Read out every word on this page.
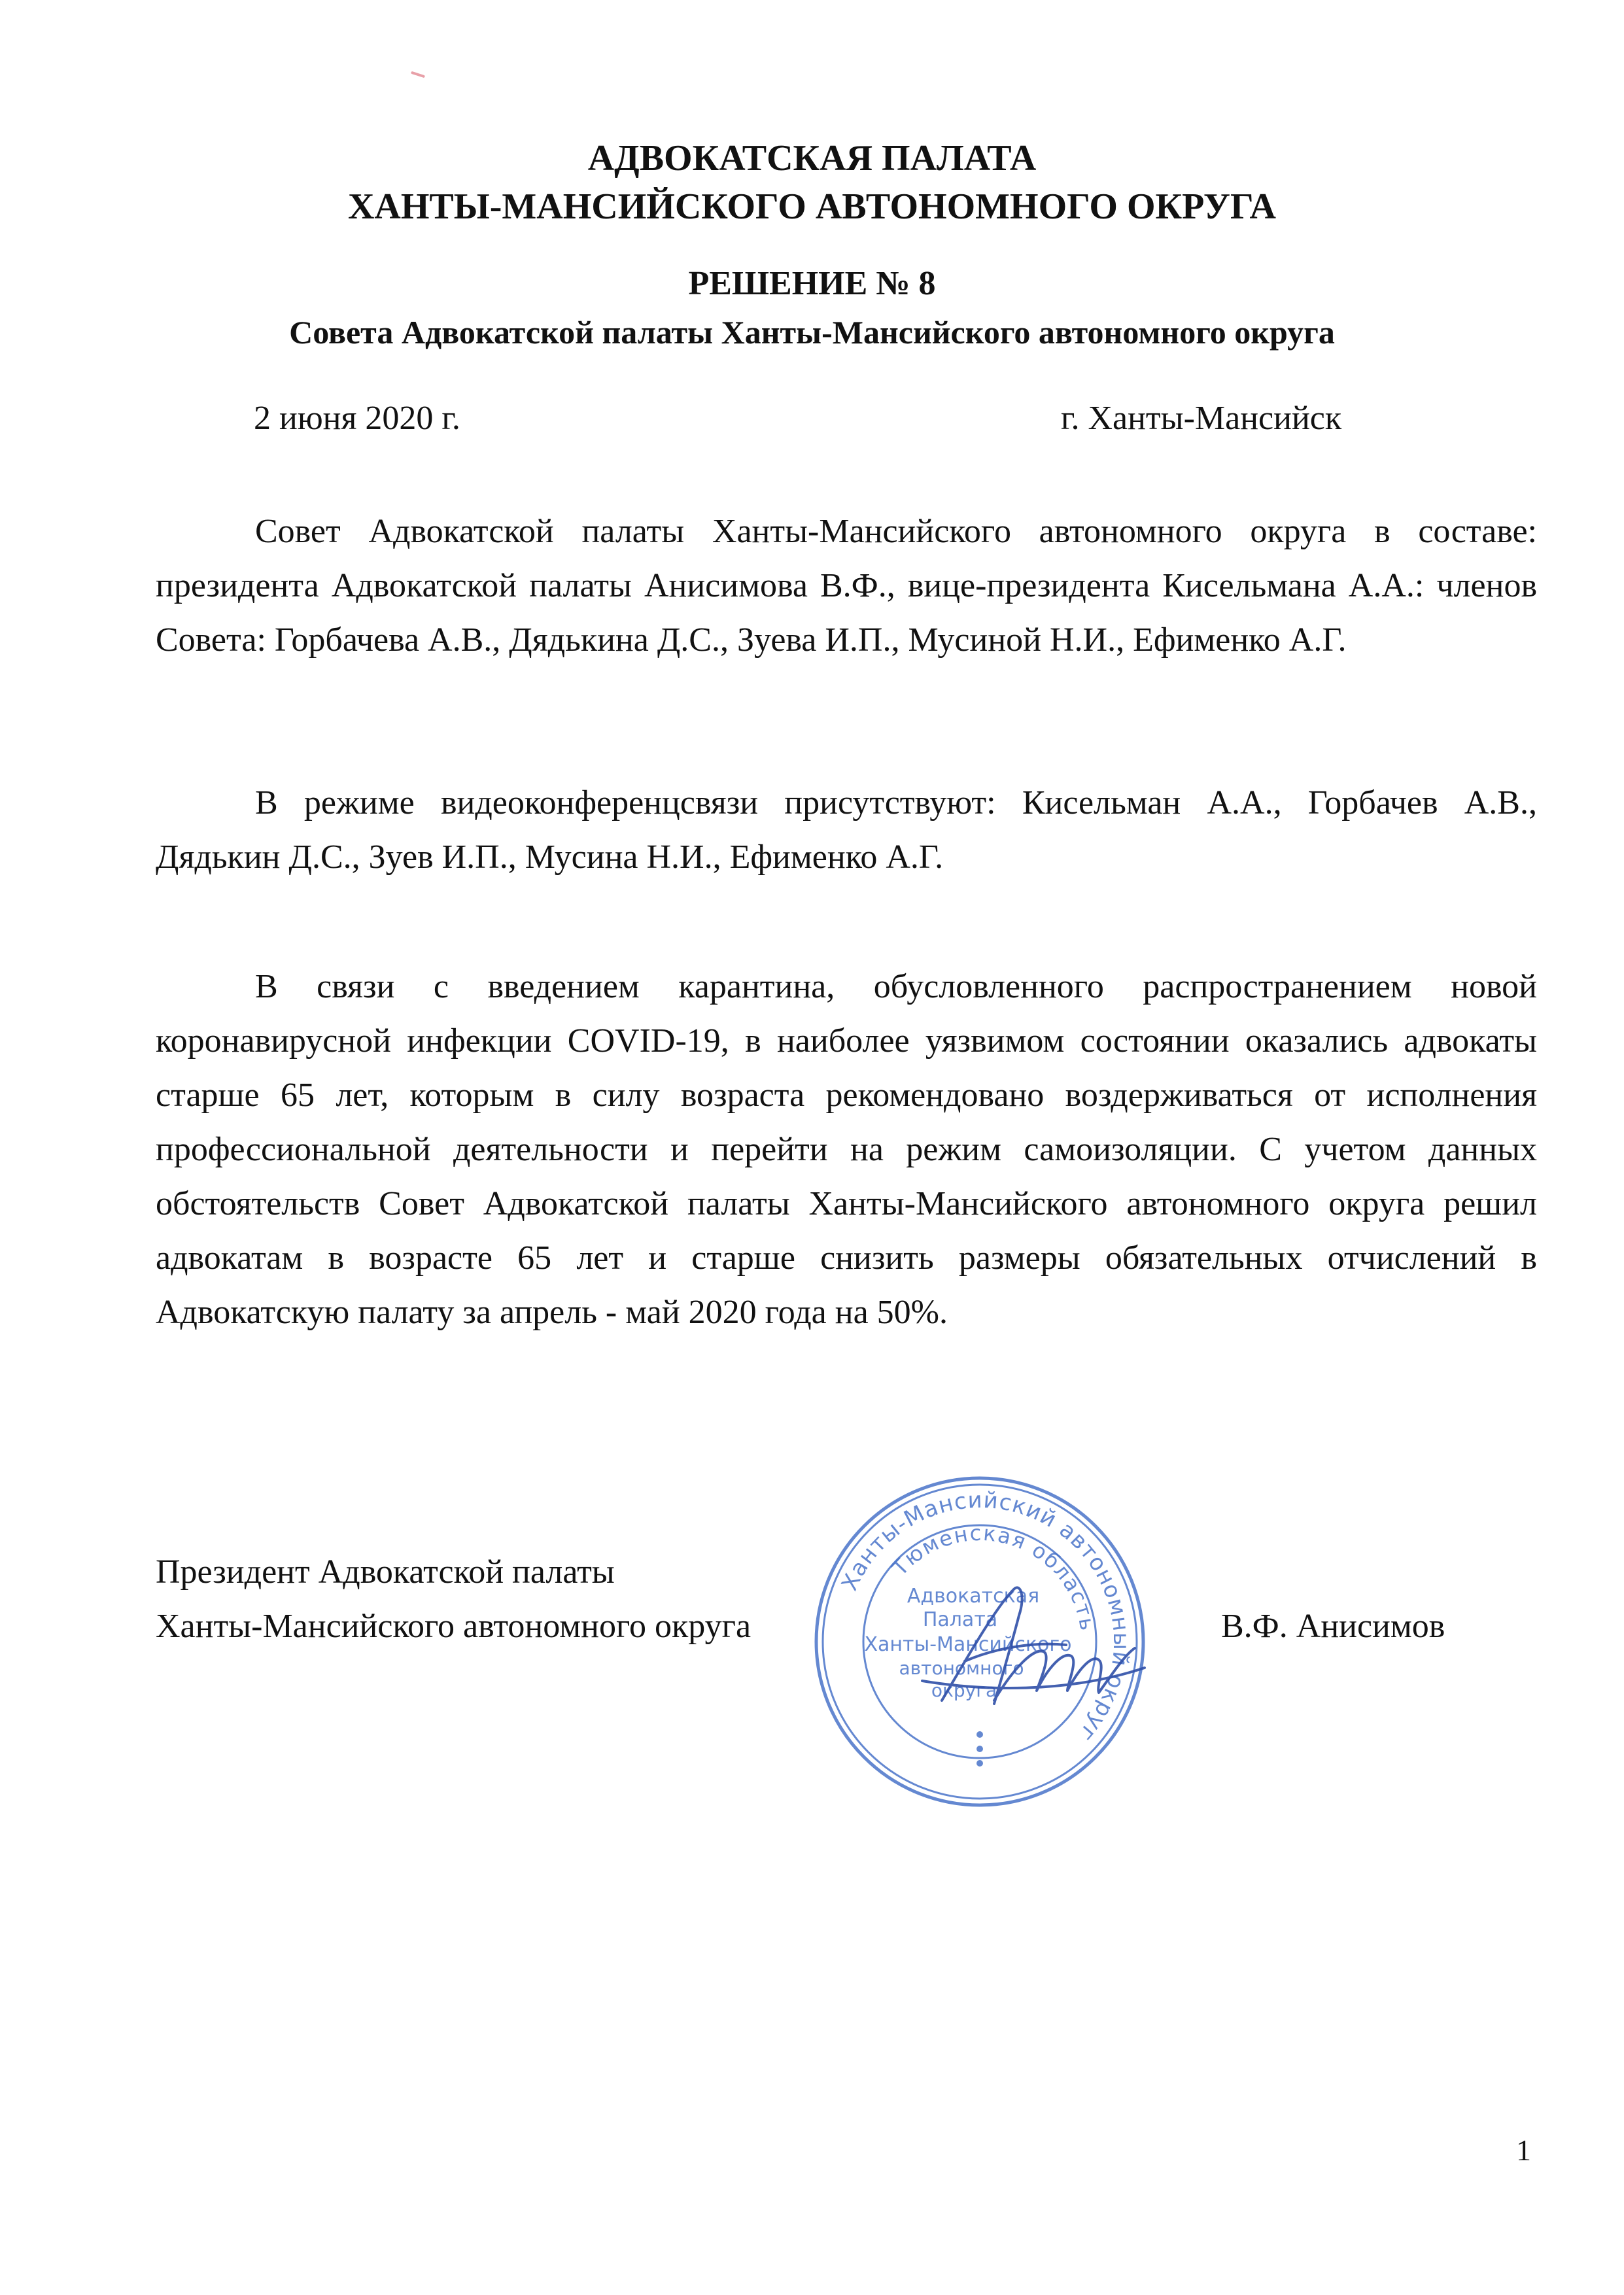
АДВОКАТСКАЯ ПАЛАТА
ХАНТЫ-МАНСИЙСКОГО АВТОНОМНОГО ОКРУГА
РЕШЕНИЕ № 8
Совета Адвокатской палаты Ханты-Мансийского автономного округа
2 июня 2020 г.	г. Ханты-Мансийск

Совет Адвокатской палаты Ханты-Мансийского автономного округа в составе: президента Адвокатской палаты Анисимова В.Ф., вице-президента Кисельмана А.А.: членов Совета: Горбачева А.В., Дядькина Д.С., Зуева И.П., Мусиной Н.И., Ефименко А.Г.

В режиме видеоконференцсвязи присутствуют: Кисельман А.А., Горбачев А.В., Дядькин Д.С., Зуев И.П., Мусина Н.И., Ефименко А.Г.

В связи с введением карантина, обусловленного распространением новой коронавирусной инфекции COVID-19, в наиболее уязвимом состоянии оказались адвокаты старше 65 лет, которым в силу возраста рекомендовано воздерживаться от исполнения профессиональной деятельности и перейти на режим самоизоляции. С учетом данных обстоятельств Совет Адвокатской палаты Ханты-Мансийского автономного округа решил адвокатам в возрасте 65 лет и старше снизить размеры обязательных отчислений в Адвокатскую палату за апрель - май 2020 года на 50%.

Президент Адвокатской палаты
Ханты-Мансийского автономного округа
Ханты-Мансийский автономный округ
Тюменская область
Адвокатская
Палата
Ханты-Мансийского
автономного
округа
В.Ф. Анисимов
1
